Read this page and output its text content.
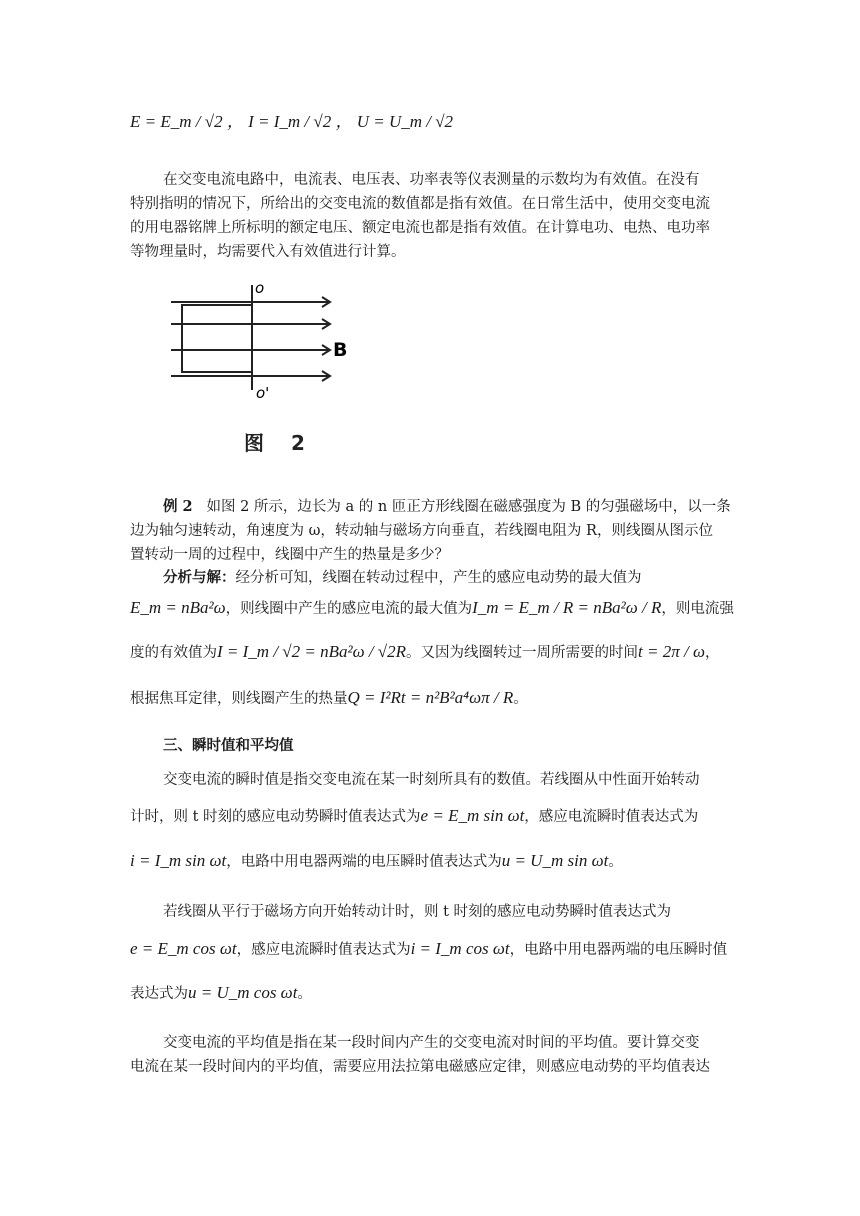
E = E_m / √2 ， I = I_m / √2 ， U = U_m / √2
在交变电流电路中，电流表、电压表、功率表等仪表测量的示数均为有效值。在没有
特别指明的情况下，所给出的交变电流的数值都是指有效值。在日常生活中，使用交变电流
的用电器铭牌上所标明的额定电压、额定电流也都是指有效值。在计算电功、电热、电功率
等物理量时，均需要代入有效值进行计算。
o
o'
B
图 2
例 2 如图 2 所示，边长为 a 的 n 匝正方形线圈在磁感强度为 B 的匀强磁场中，以一条
边为轴匀速转动，角速度为 ω，转动轴与磁场方向垂直，若线圈电阻为 R，则线圈从图示位
置转动一周的过程中，线圈中产生的热量是多少？
分析与解：经分析可知，线圈在转动过程中，产生的感应电动势的最大值为
E_m = nBa²ω，则线圈中产生的感应电流的最大值为I_m = E_m / R = nBa²ω / R，则电流强
度的有效值为I = I_m / √2 = nBa²ω / √2R。又因为线圈转过一周所需要的时间t = 2π / ω，
根据焦耳定律，则线圈产生的热量Q = I²Rt = n²B²a⁴ωπ / R。
三、瞬时值和平均值
交变电流的瞬时值是指交变电流在某一时刻所具有的数值。若线圈从中性面开始转动
计时，则 t 时刻的感应电动势瞬时值表达式为e = E_m sin ωt，感应电流瞬时值表达式为
i = I_m sin ωt，电路中用电器两端的电压瞬时值表达式为u = U_m sin ωt。
若线圈从平行于磁场方向开始转动计时，则 t 时刻的感应电动势瞬时值表达式为
e = E_m cos ωt，感应电流瞬时值表达式为i = I_m cos ωt，电路中用电器两端的电压瞬时值
表达式为u = U_m cos ωt。
交变电流的平均值是指在某一段时间内产生的交变电流对时间的平均值。要计算交变
电流在某一段时间内的平均值，需要应用法拉第电磁感应定律，则感应电动势的平均值表达
